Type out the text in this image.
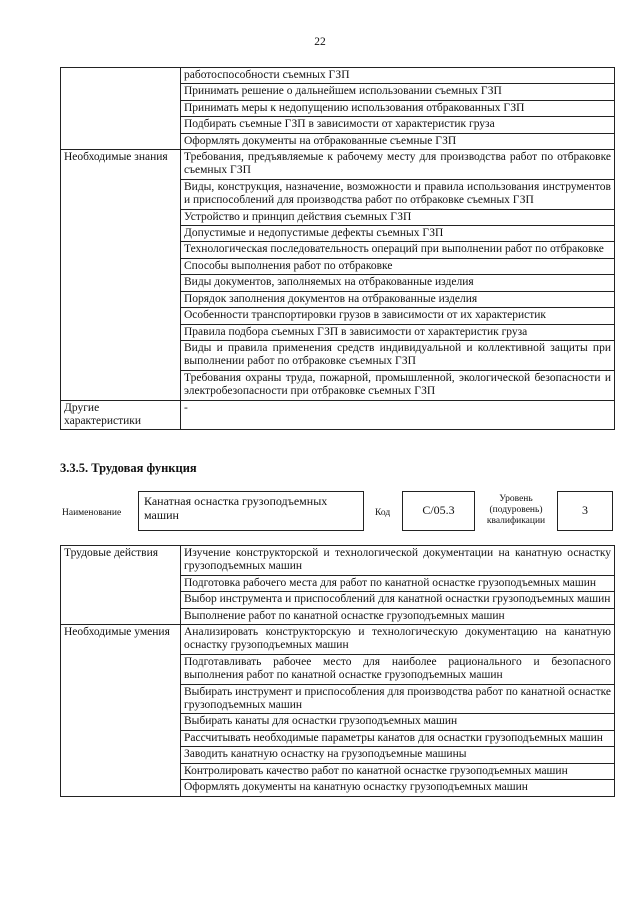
22
	работоспособности съемных ГЗП
	Принимать решение о дальнейшем использовании съемных ГЗП
	Принимать меры к недопущению использования отбракованных ГЗП
	Подбирать съемные ГЗП в зависимости от характеристик груза
	Оформлять документы на отбракованные съемные ГЗП
Необходимые знания	Требования, предъявляемые к рабочему месту для производства работ по отбраковке съемных ГЗП
	Виды, конструкция, назначение, возможности и правила использования инструментов и приспособлений для производства работ по отбраковке съемных ГЗП
	Устройство и принцип действия съемных ГЗП
	Допустимые и недопустимые дефекты съемных ГЗП
	Технологическая последовательность операций при выполнении работ по отбраковке
	Способы выполнения работ по отбраковке
	Виды документов, заполняемых на отбракованные изделия
	Порядок заполнения документов на отбракованные изделия
	Особенности транспортировки грузов в зависимости от их характеристик
	Правила подбора съемных ГЗП в зависимости от характеристик груза
	Виды и правила применения средств индивидуальной и коллективной защиты при выполнении работ по отбраковке съемных ГЗП
	Требования охраны труда, пожарной, промышленной, экологической безопасности и электробезопасности при отбраковке съемных ГЗП
Другие характеристики	-
3.3.5. Трудовая функция
Наименование
Канатная оснастка грузоподъемных машин	Код	C/05.3
Уровень (подуровень) квалификации
3
Трудовые действия	Изучение конструкторской и технологической документации на канатную оснастку грузоподъемных машин
	Подготовка рабочего места для работ по канатной оснастке грузоподъемных машин
	Выбор инструмента и приспособлений для канатной оснастки грузоподъемных машин
	Выполнение работ по канатной оснастке грузоподъемных машин
Необходимые умения	Анализировать конструкторскую и технологическую документацию на канатную оснастку грузоподъемных машин
	Подготавливать рабочее место для наиболее рационального и безопасного выполнения работ по канатной оснастке грузоподъемных машин
	Выбирать инструмент и приспособления для производства работ по канатной оснастке грузоподъемных машин
	Выбирать канаты для оснастки грузоподъемных машин
	Рассчитывать необходимые параметры канатов для оснастки грузоподъемных машин
	Заводить канатную оснастку на грузоподъемные машины
	Контролировать качество работ по канатной оснастке грузоподъемных машин
	Оформлять документы на канатную оснастку грузоподъемных машин
